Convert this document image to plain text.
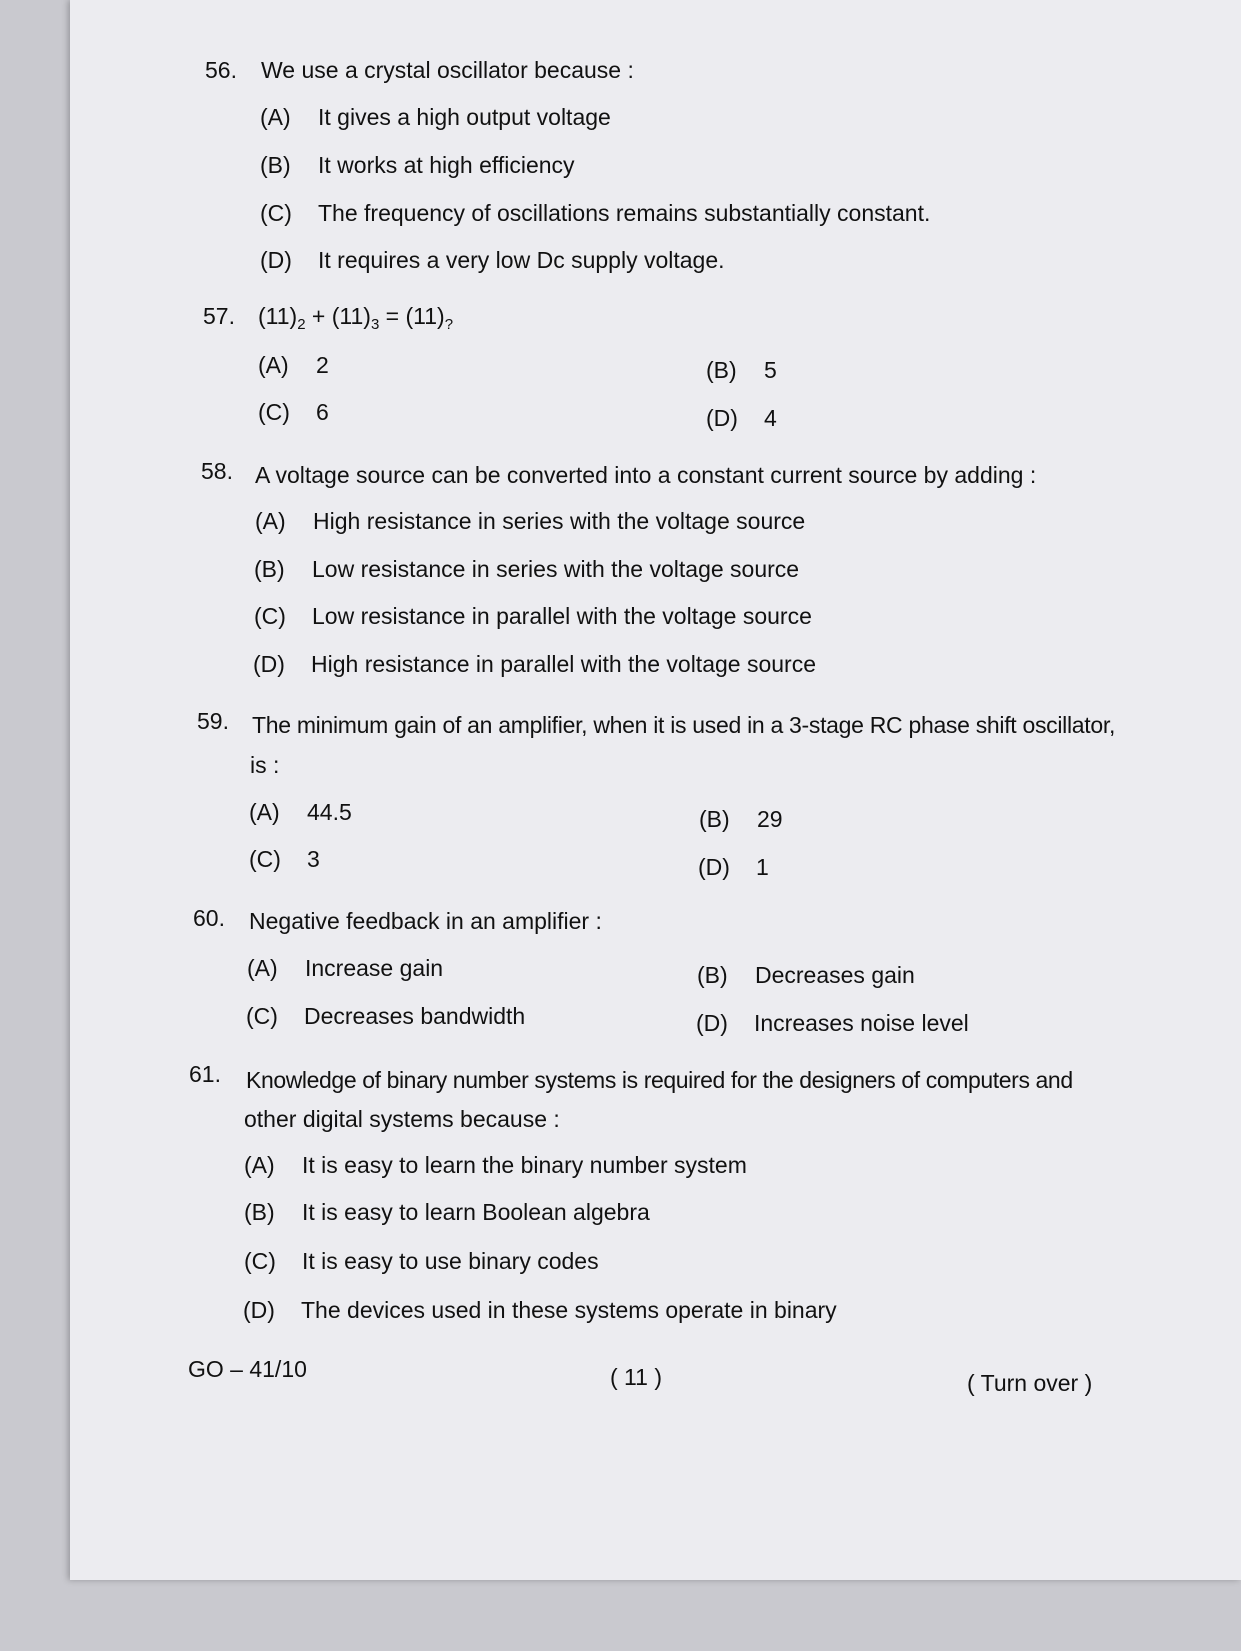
56. We use a crystal oscillator because :
(A) It gives a high output voltage
(B) It works at high efficiency
(C) The frequency of oscillations remains substantially constant.
(D) It requires a very low Dc supply voltage.
57. $(11)_2 + (11)_3 = (11)_?$
(A) 2	(B) 5
(C) 6	(D) 4
58. A voltage source can be converted into a constant current source by adding :
(A) High resistance in series with the voltage source
(B) Low resistance in series with the voltage source
(C) Low resistance in parallel with the voltage source
(D) High resistance in parallel with the voltage source
59. The minimum gain of an amplifier, when it is used in a 3-stage RC phase shift oscillator,
is :
(A) 44.5	(B) 29
(C) 3	(D) 1
60. Negative feedback in an amplifier :
(A) Increase gain	(B) Decreases gain
(C) Decreases bandwidth	(D) Increases noise level
61. Knowledge of binary number systems is required for the designers of computers and
other digital systems because :
(A) It is easy to learn the binary number system
(B) It is easy to learn Boolean algebra
(C) It is easy to use binary codes
(D) The devices used in these systems operate in binary
GO – 41/10	( 11 )	( Turn over )
